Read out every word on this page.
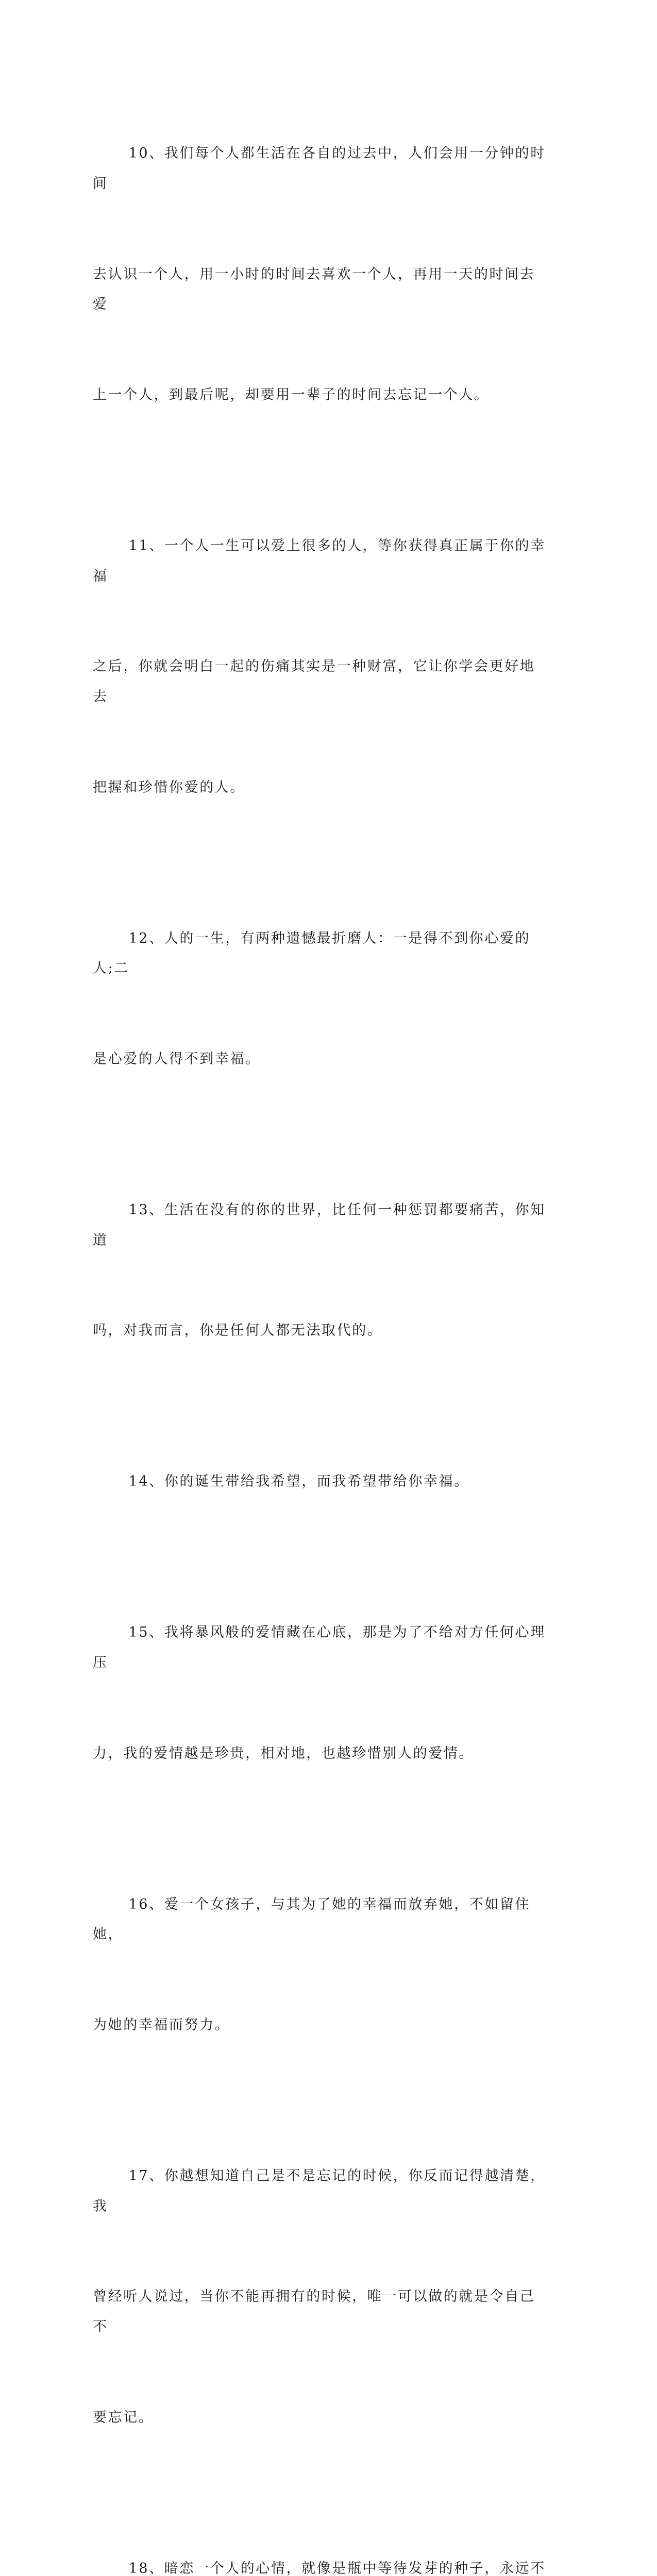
10、我们每个人都生活在各自的过去中，人们会用一分钟的时间

去认识一个人，用一小时的时间去喜欢一个人，再用一天的时间去爱

上一个人，到最后呢，却要用一辈子的时间去忘记一个人。

11、一个人一生可以爱上很多的人，等你获得真正属于你的幸福

之后，你就会明白一起的伤痛其实是一种财富，它让你学会更好地去

把握和珍惜你爱的人。

12、人的一生，有两种遗憾最折磨人：一是得不到你心爱的人;二

是心爱的人得不到幸福。

13、生活在没有的你的世界，比任何一种惩罚都要痛苦，你知道

吗，对我而言，你是任何人都无法取代的。

14、你的诞生带给我希望，而我希望带给你幸福。

15、我将暴风般的爱情藏在心底，那是为了不给对方任何心理压

力，我的爱情越是珍贵，相对地，也越珍惜别人的爱情。

16、爱一个女孩子，与其为了她的幸福而放弃她，不如留住她，

为她的幸福而努力。

17、你越想知道自己是不是忘记的时候，你反而记得越清楚，我

曾经听人说过，当你不能再拥有的时候，唯一可以做的就是令自己不

要忘记。

18、暗恋一个人的心情，就像是瓶中等待发芽的种子，永远不
